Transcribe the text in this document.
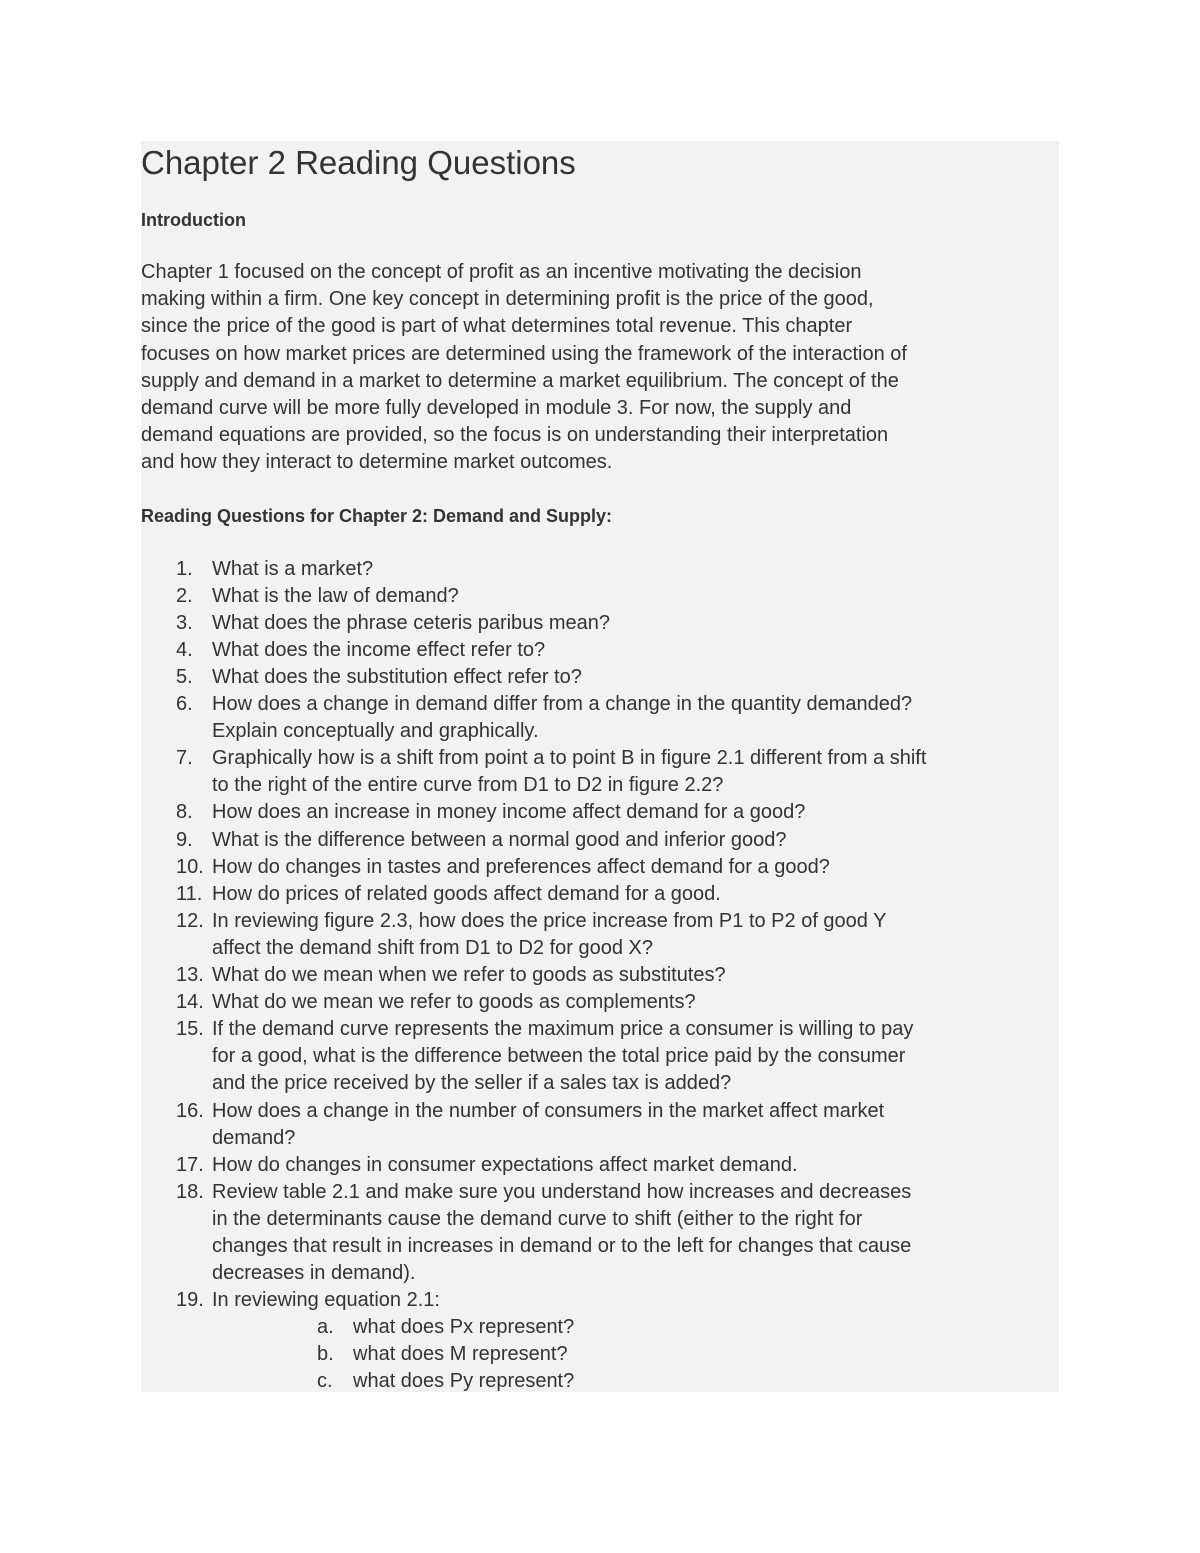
Chapter 2 Reading Questions
Introduction
Chapter 1 focused on the concept of profit as an incentive motivating the decision
making within a firm. One key concept in determining profit is the price of the good,
since the price of the good is part of what determines total revenue. This chapter
focuses on how market prices are determined using the framework of the interaction of
supply and demand in a market to determine a market equilibrium. The concept of the
demand curve will be more fully developed in module 3. For now, the supply and
demand equations are provided, so the focus is on understanding their interpretation
and how they interact to determine market outcomes.
Reading Questions for Chapter 2: Demand and Supply:
1. What is a market?
2. What is the law of demand?
3. What does the phrase ceteris paribus mean?
4. What does the income effect refer to?
5. What does the substitution effect refer to?
6. How does a change in demand differ from a change in the quantity demanded?
Explain conceptually and graphically.
7. Graphically how is a shift from point a to point B in figure 2.1 different from a shift
to the right of the entire curve from D1 to D2 in figure 2.2?
8. How does an increase in money income affect demand for a good?
9. What is the difference between a normal good and inferior good?
10. How do changes in tastes and preferences affect demand for a good?
11. How do prices of related goods affect demand for a good.
12. In reviewing figure 2.3, how does the price increase from P1 to P2 of good Y
affect the demand shift from D1 to D2 for good X?
13. What do we mean when we refer to goods as substitutes?
14. What do we mean we refer to goods as complements?
15. If the demand curve represents the maximum price a consumer is willing to pay
for a good, what is the difference between the total price paid by the consumer
and the price received by the seller if a sales tax is added?
16. How does a change in the number of consumers in the market affect market
demand?
17. How do changes in consumer expectations affect market demand.
18. Review table 2.1 and make sure you understand how increases and decreases
in the determinants cause the demand curve to shift (either to the right for
changes that result in increases in demand or to the left for changes that cause
decreases in demand).
19. In reviewing equation 2.1:
a. what does Px represent?
b. what does M represent?
c. what does Py represent?
